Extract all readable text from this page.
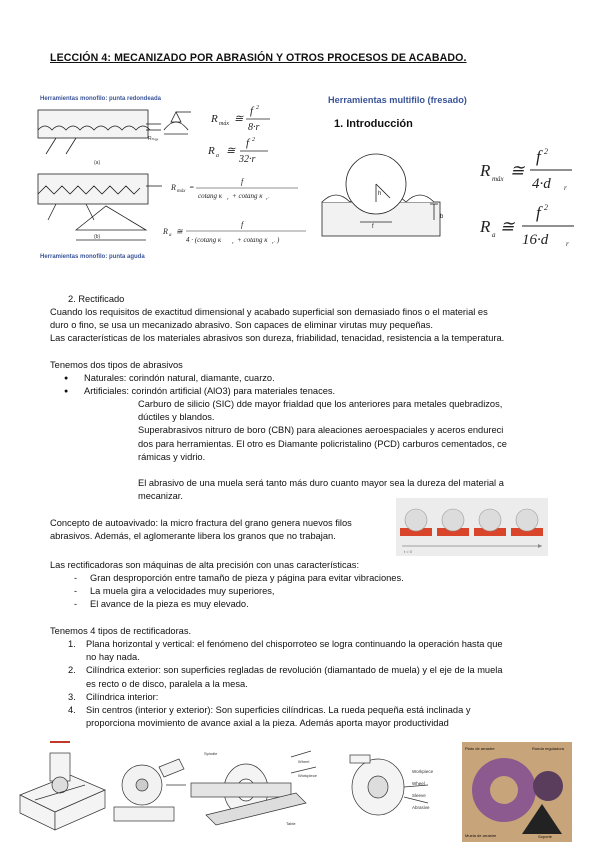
LECCIÓN 4: MECANIZADO POR ABRASIÓN Y OTROS PROCESOS DE ACABADO.
Herramientas monofilo: punta redondeada
(a)
Rₘₐₓ
(b)
R máx ≅
f 2
8·r
R a ≅
f 2
32·r
R máx =
f
cotang κ r + cotang κ r'
R a ≅
f
4 · (cotang κ	r + cotang κ r' )
Herramientas monofilo: punta aguda
Herramientas multifilo (fresado)
1. Introducción
h
f
b
R máx ≅
f 2
4·d r
R a ≅
f 2
16·d	r
2. Rectificado
Cuando los requisitos de exactitud dimensional y acabado superficial son demasiado finos o el material es
duro o fino, se usa un mecanizado abrasivo. Son capaces de eliminar virutas muy pequeñas.
Las características de los materiales abrasivos son dureza, friabilidad, tenacidad, resistencia a la temperatura.
Tenemos dos tipos de abrasivos
● Naturales: corindón natural, diamante, cuarzo.
● Artificiales: corindón artificial (AlO3) para materiales tenaces.
Carburo de silicio (SIC) dde mayor frialdad que los anteriores para metales quebradizos,
dúctiles y blandos.
Superabrasivos nitruro de boro (CBN) para aleaciones aeroespaciales y aceros endureci
dos para herramientas. El otro es Diamante policristalino (PCD) carburos cementados, ce
rámicas y vidrio.
El abrasivo de una muela será tanto más duro cuanto mayor sea la dureza del material a
mecanizar.
Concepto de autoavivado: la micro fractura del grano genera nuevos filos
abrasivos. Además, el aglomerante libera los granos que no trabajan.
t = 0
Las rectificadoras son máquinas de alta precisión con unas características:
- Gran desproporción entre tamaño de pieza y página para evitar vibraciones.
- La muela gira a velocidades muy superiores,
- El avance de la pieza es muy elevado.
Tenemos 4 tipos de rectificadoras.
1. Plana horizontal y vertical: el fenómeno del chisporroteo se logra continuando la operación hasta que
no hay nada.
2. Cilíndrica exterior: son superficies regladas de revolución (diamantado de muela) y el eje de la muela
es recto o de disco, paralela a la mesa.
3. Cilíndrica interior:
4. Sin centros (interior y exterior): Son superficies cilíndricas. La rueda pequeña está inclinada y
proporciona movimiento de avance axial a la pieza. Además aporta mayor productividad
Spindle
Wheel
Workpiece
Table
Workpiece
Wheel
Sleeve
Abrasive
Plato de arrastre
Muela de arrastre
Rueda reguladora
Soporte
